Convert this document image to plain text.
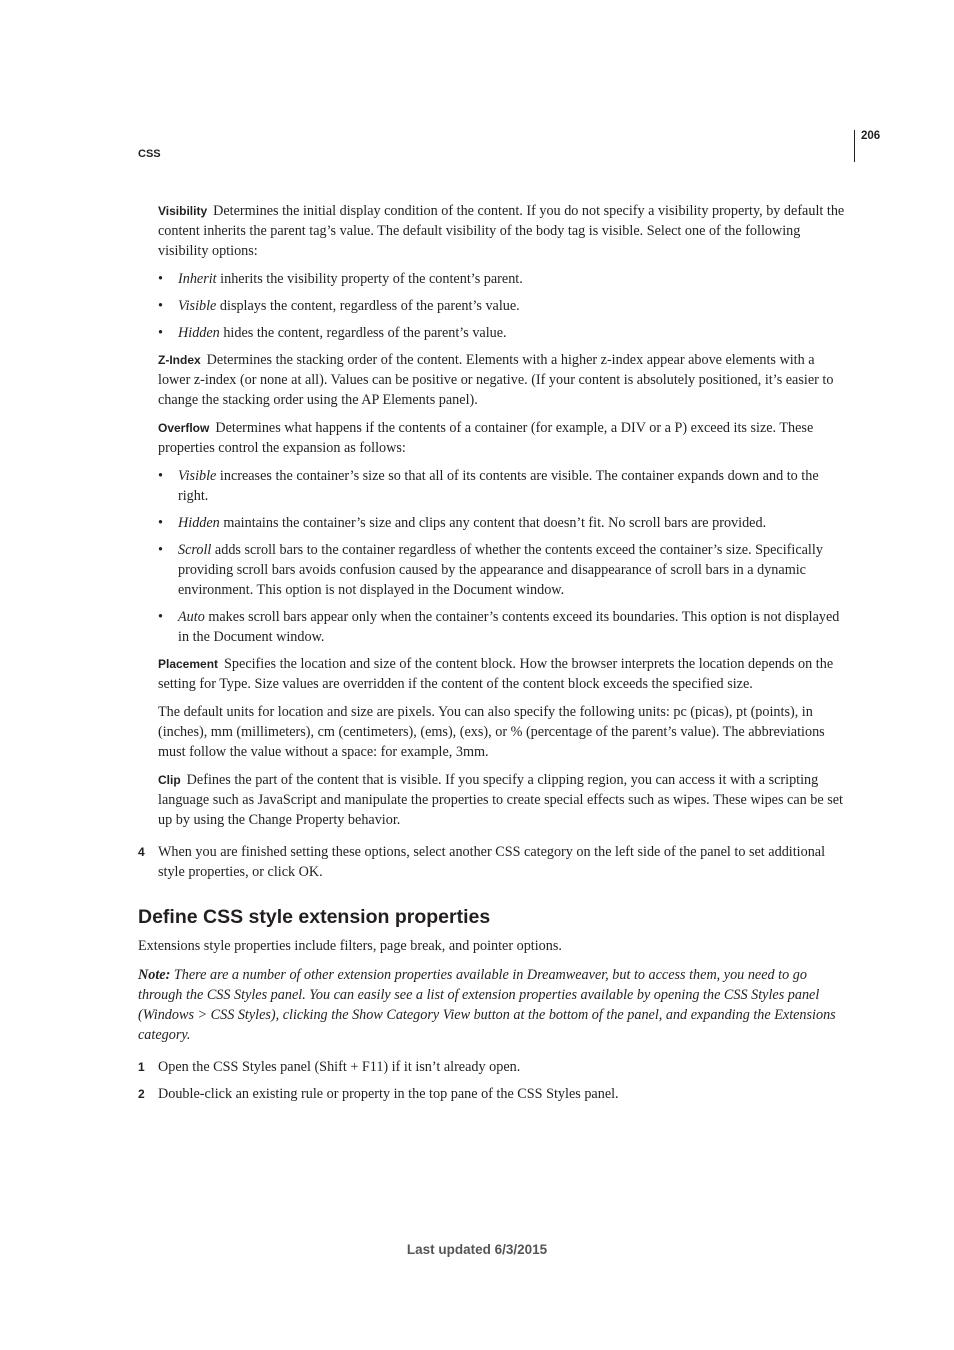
206
CSS

Visibility Determines the initial display condition of the content. If you do not specify a visibility property, by default the content inherits the parent tag’s value. The default visibility of the body tag is visible. Select one of the following visibility options:

• Inherit inherits the visibility property of the content’s parent.
• Visible displays the content, regardless of the parent’s value.
• Hidden hides the content, regardless of the parent’s value.

Z-Index Determines the stacking order of the content. Elements with a higher z-index appear above elements with a lower z-index (or none at all). Values can be positive or negative. (If your content is absolutely positioned, it’s easier to change the stacking order using the AP Elements panel).

Overflow Determines what happens if the contents of a container (for example, a DIV or a P) exceed its size. These properties control the expansion as follows:

• Visible increases the container’s size so that all of its contents are visible. The container expands down and to the right.
• Hidden maintains the container’s size and clips any content that doesn’t fit. No scroll bars are provided.
• Scroll adds scroll bars to the container regardless of whether the contents exceed the container’s size. Specifically providing scroll bars avoids confusion caused by the appearance and disappearance of scroll bars in a dynamic environment. This option is not displayed in the Document window.
• Auto makes scroll bars appear only when the container’s contents exceed its boundaries. This option is not displayed in the Document window.

Placement Specifies the location and size of the content block. How the browser interprets the location depends on the setting for Type. Size values are overridden if the content of the content block exceeds the specified size.

The default units for location and size are pixels. You can also specify the following units: pc (picas), pt (points), in (inches), mm (millimeters), cm (centimeters), (ems), (exs), or % (percentage of the parent’s value). The abbreviations must follow the value without a space: for example, 3mm.

Clip Defines the part of the content that is visible. If you specify a clipping region, you can access it with a scripting language such as JavaScript and manipulate the properties to create special effects such as wipes. These wipes can be set up by using the Change Property behavior.

4 When you are finished setting these options, select another CSS category on the left side of the panel to set additional style properties, or click OK.
Define CSS style extension properties

Extensions style properties include filters, page break, and pointer options.

Note: There are a number of other extension properties available in Dreamweaver, but to access them, you need to go through the CSS Styles panel. You can easily see a list of extension properties available by opening the CSS Styles panel (Windows > CSS Styles), clicking the Show Category View button at the bottom of the panel, and expanding the Extensions category.

1 Open the CSS Styles panel (Shift + F11) if it isn’t already open.
2 Double-click an existing rule or property in the top pane of the CSS Styles panel.
Last updated 6/3/2015
